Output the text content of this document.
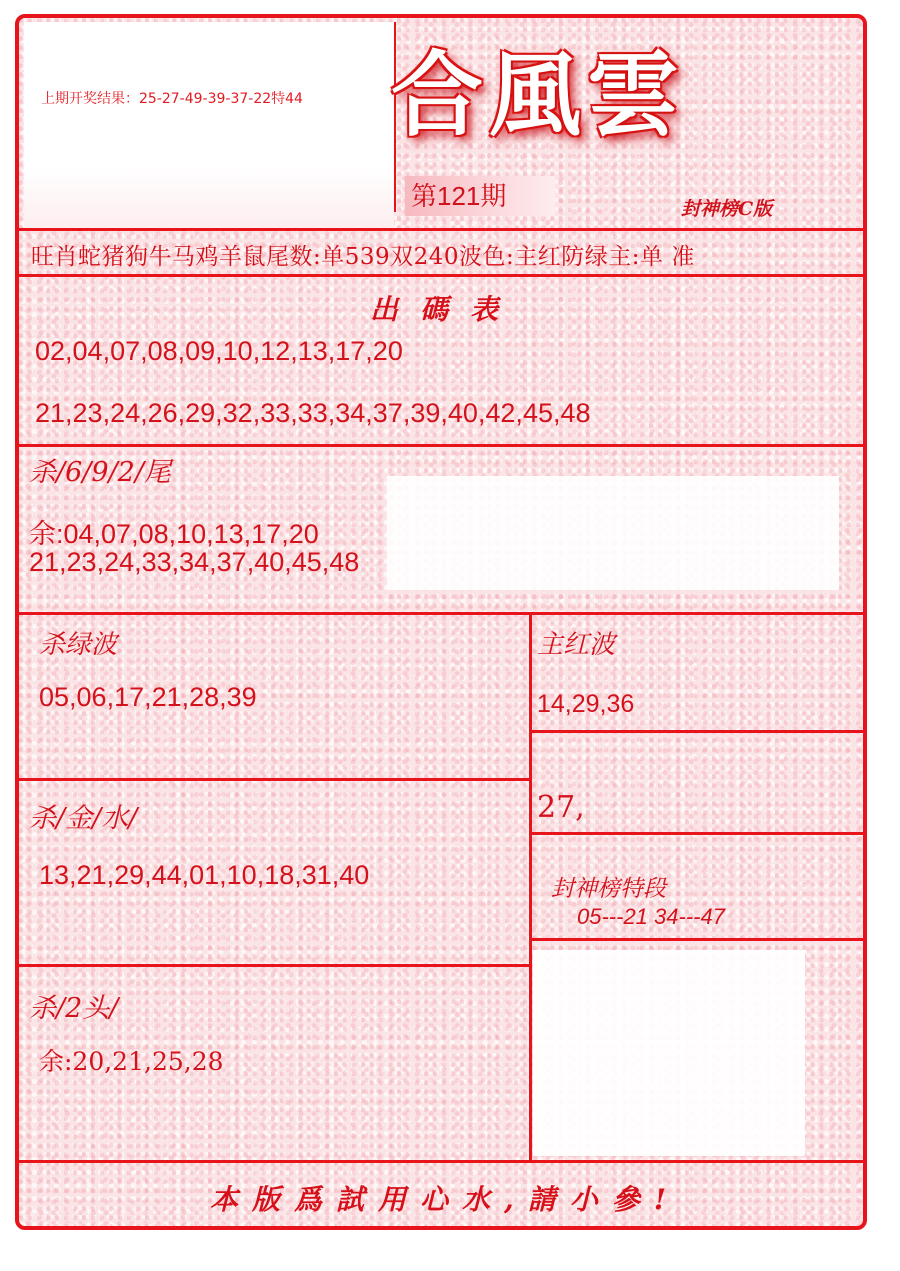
上期开奖结果：25-27-49-39-37-22特44 合風雲
第121期	封神榜C版
旺肖蛇猪狗牛马鸡羊鼠尾数:单539双240波色:主红防绿主:单 准
出碼表
02,04,07,08,09,10,12,13,17,20
21,23,24,26,29,32,33,33,34,37,39,40,42,45,48
杀/6/9/2/尾
余:04,07,08,10,13,17,20
21,23,24,33,34,37,40,45,48
杀绿波
05,06,17,21,28,39
杀/金/水/
13,21,29,44,01,10,18,31,40
杀/2头/
余:20,21,25,28
主红波
14,29,36
27,
封神榜特段
05---21 34---47
本版爲試用心水,請小參!
